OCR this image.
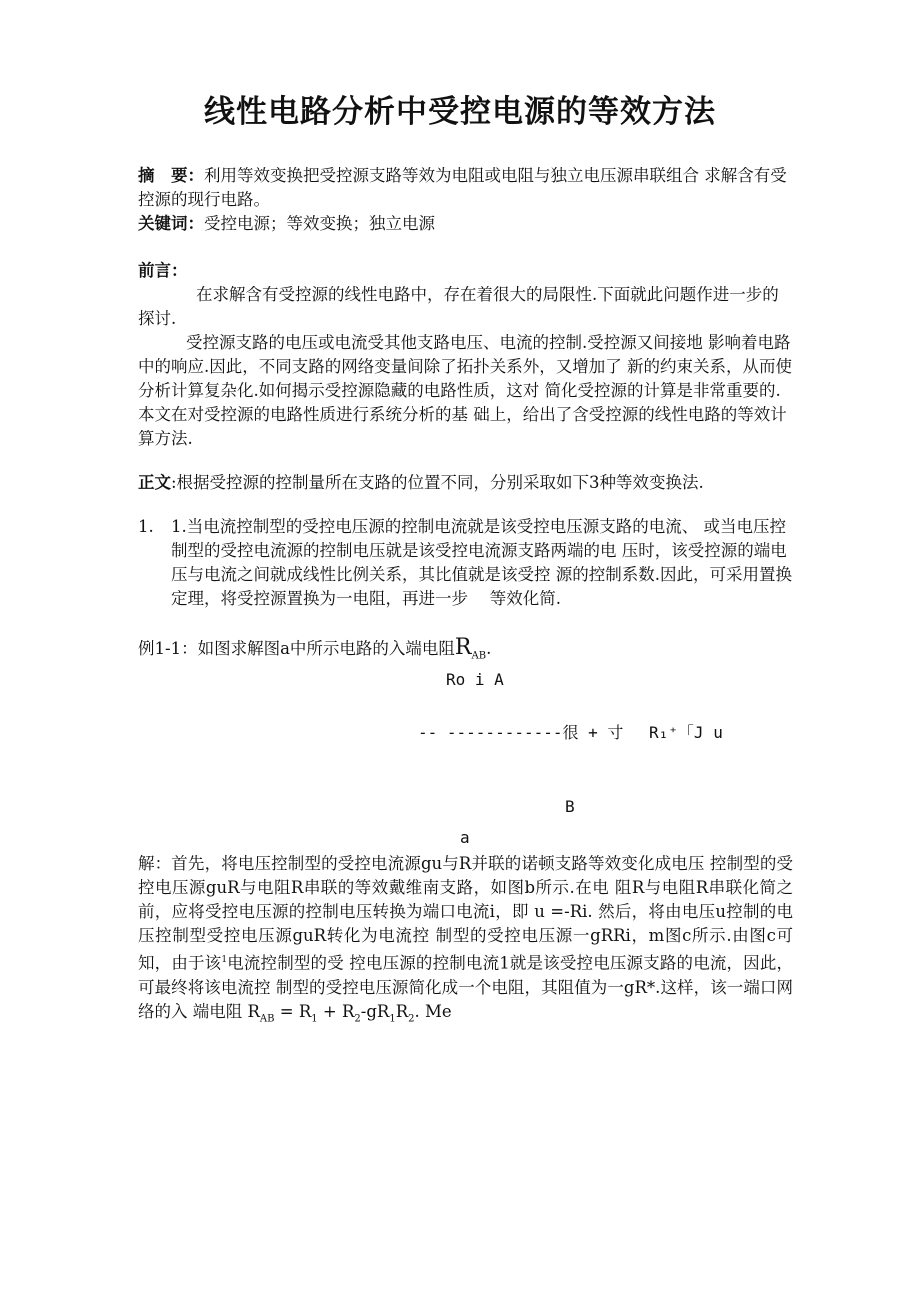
线性电路分析中受控电源的等效方法
摘　要：利用等效变换把受控源支路等效为电阻或电阻与独立电压源串联组合 求解含有受控源的现行电路。
关键词：受控电源；等效变换；独立电源
前言：
在求解含有受控源的线性电路中，存在着很大的局限性.下面就此问题作进一步的探讨.
受控源支路的电压或电流受其他支路电压、电流的控制.受控源又间接地 影响着电路中的响应.因此，不同支路的网络变量间除了拓扑关系外，又增加了 新的约束关系，从而使分析计算复杂化.如何揭示受控源隐藏的电路性质，这对 简化受控源的计算是非常重要的.本文在对受控源的电路性质进行系统分析的基 础上，给出了含受控源的线性电路的等效计算方法.
正文:根据受控源的控制量所在支路的位置不同，分别采取如下3种等效变换法.
1. 1.当电流控制型的受控电压源的控制电流就是该受控电压源支路的电流、 或当电压控制型的受控电流源的控制电压就是该受控电流源支路两端的电 压时，该受控源的端电压与电流之间就成线性比例关系，其比值就是该受控 源的控制系数.因此，可采用置换定理，将受控源置换为一电阻，再进一步　 等效化简.
例1-1：如图求解图a中所示电路的入端电阻$R_{AB}$.
Ro i A
-- ------------很 + 寸　 R₁⁺「J u
B
a
解：首先，将电压控制型的受控电流源gu与R并联的诺顿支路等效变化成电压 控制型的受控电压源guR与电阻R串联的等效戴维南支路，如图b所示.在电 阻R与电阻R串联化简之前，应将受控电压源的控制电压转换为端口电流i，即 u =-Ri. 然后，将由电压u控制的电压控制型受控电压源guR转化为电流控 制型的受控电压源一gRRi，m图c所示.由图c可知，由于该$^1$电流控制型的受 控电压源的控制电流1就是该受控电压源支路的电流，因此，可最终将该电流控 制型的受控电压源简化成一个电阻，其阻值为一gR*.这样，该一端口网络的入 端电阻 $R_{AB} = R_1 + R_2-gR_1R_2$. Me
